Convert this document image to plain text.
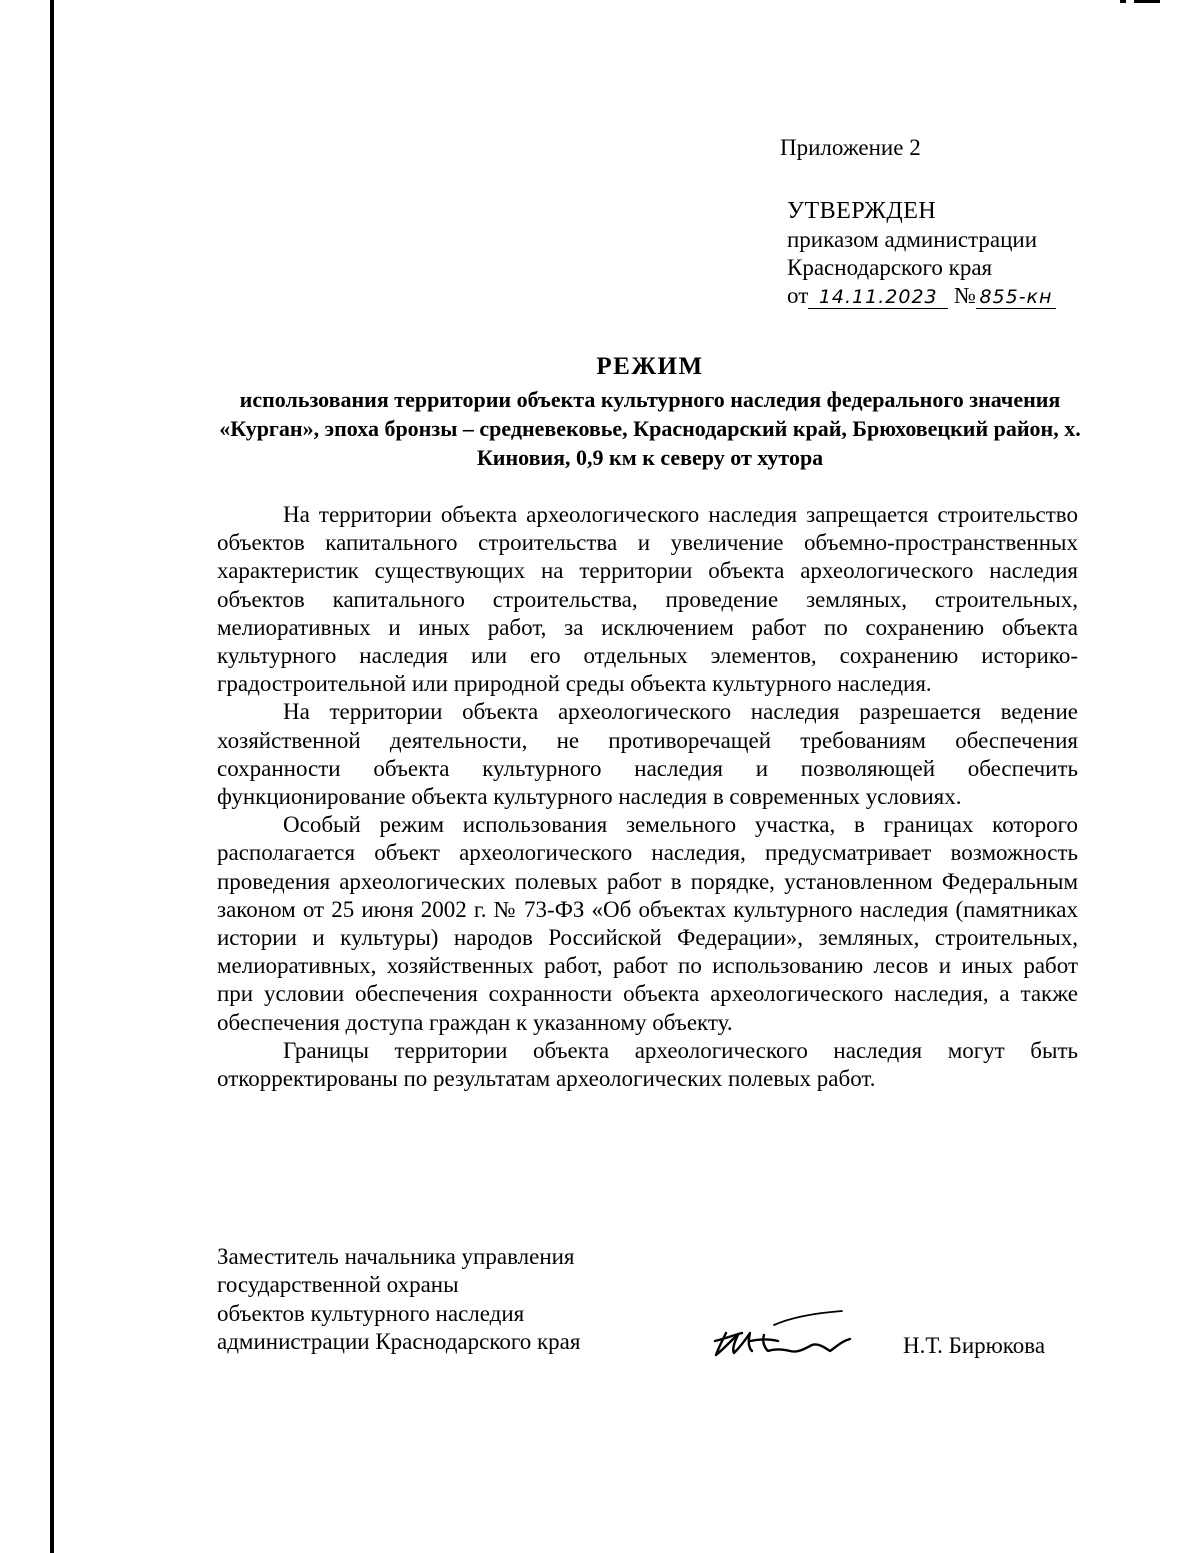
Приложение 2
УТВЕРЖДЕН
приказом администрации
Краснодарского края
от 14.11.2023 № 855-кн
РЕЖИМ
использования территории объекта культурного наследия федерального значения «Курган», эпоха бронзы – средневековье, Краснодарский край, Брюховецкий район, х. Киновия, 0,9 км к северу от хутора

На территории объекта археологического наследия запрещается строительство объектов капитального строительства и увеличение объемно-пространственных характеристик существующих на территории объекта археологического наследия объектов капитального строительства, проведение земляных, строительных, мелиоративных и иных работ, за исключением работ по сохранению объекта культурного наследия или его отдельных элементов, сохранению историко-градостроительной или природной среды объекта культурного наследия.

На территории объекта археологического наследия разрешается ведение хозяйственной деятельности, не противоречащей требованиям обеспечения сохранности объекта культурного наследия и позволяющей обеспечить функционирование объекта культурного наследия в современных условиях.

Особый режим использования земельного участка, в границах которого располагается объект археологического наследия, предусматривает возможность проведения археологических полевых работ в порядке, установленном Федеральным законом от 25 июня 2002 г. № 73-ФЗ «Об объектах культурного наследия (памятниках истории и культуры) народов Российской Федерации», земляных, строительных, мелиоративных, хозяйственных работ, работ по использованию лесов и иных работ при условии обеспечения сохранности объекта археологического наследия, а также обеспечения доступа граждан к указанному объекту.

Границы территории объекта археологического наследия могут быть откорректированы по результатам археологических полевых работ.

Заместитель начальника управления
государственной охраны
объектов культурного наследия
администрации Краснодарского края	Н.Т. Бирюкова
